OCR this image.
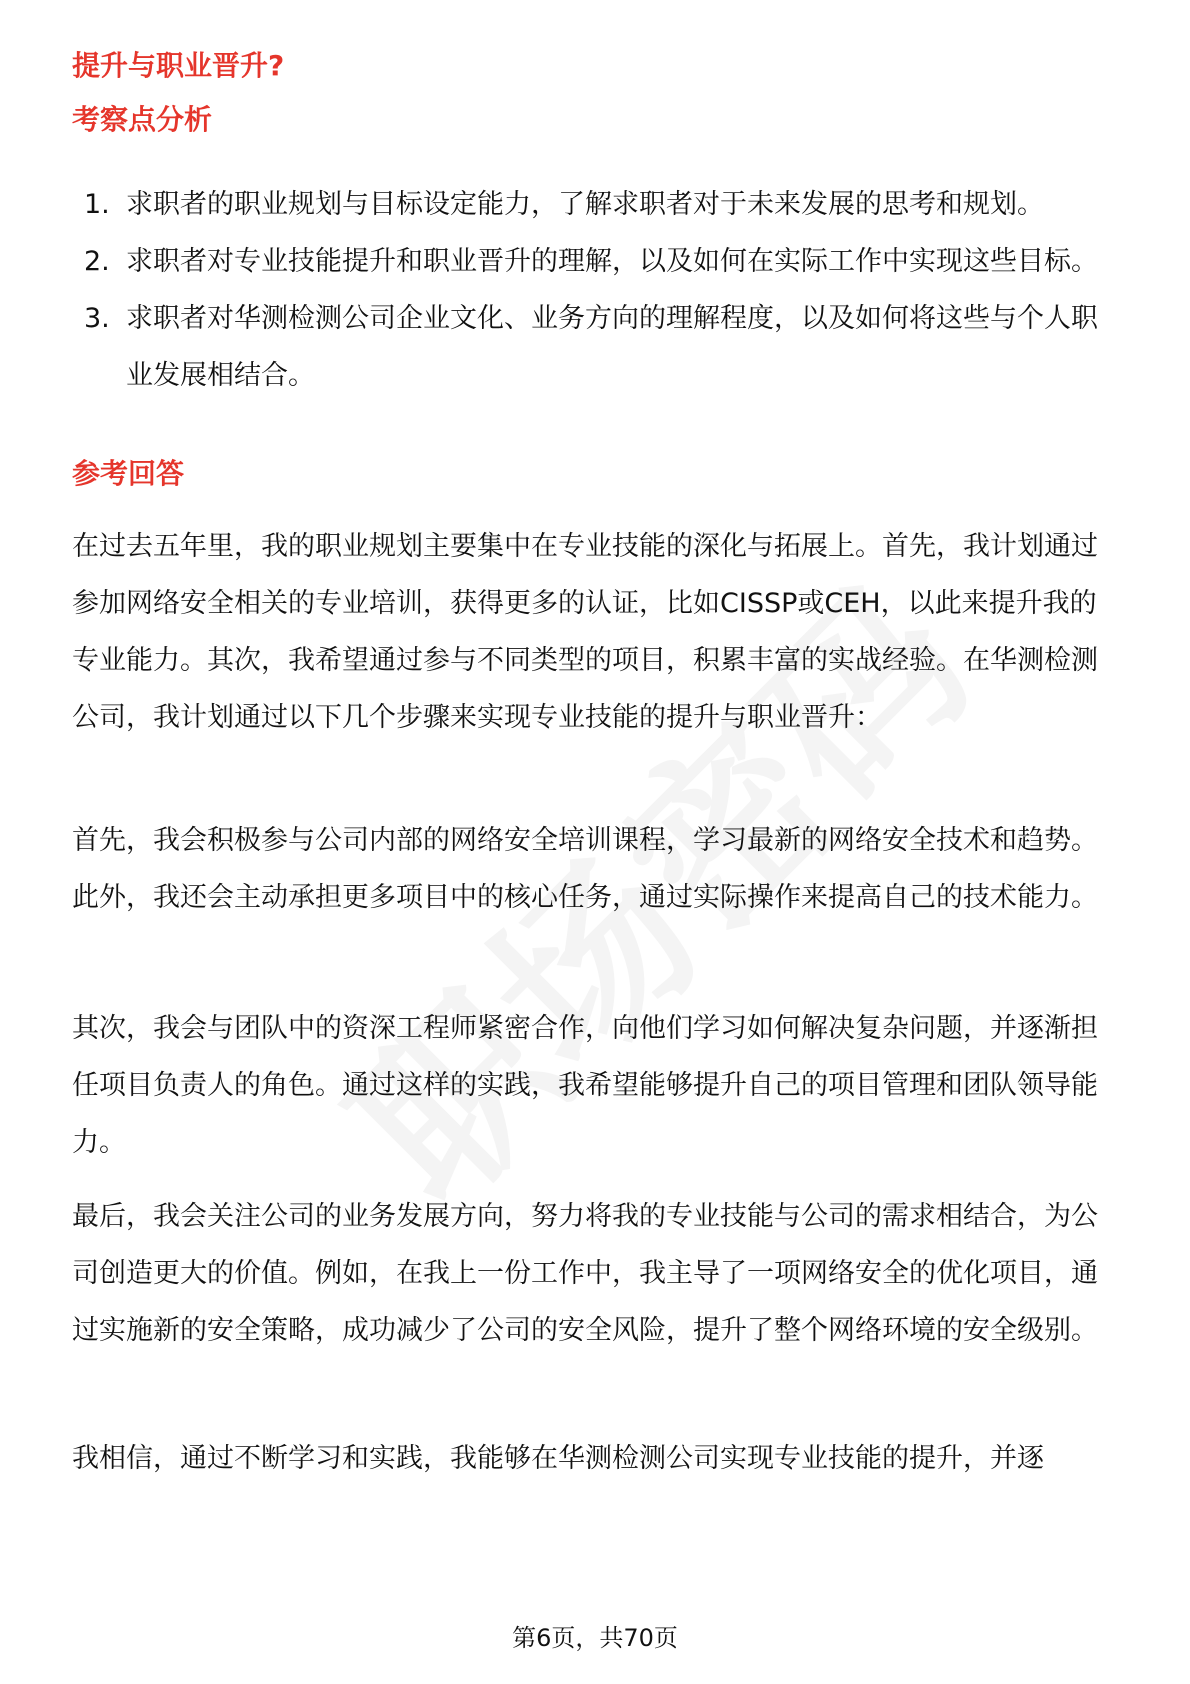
提升与职业晋升?
考察点分析
1. 求职者的职业规划与目标设定能力，了解求职者对于未来发展的思考和规划。
2. 求职者对专业技能提升和职业晋升的理解，以及如何在实际工作中实现这些目标。
3. 求职者对华测检测公司企业文化、业务方向的理解程度，以及如何将这些与个人职业发展相结合。
参考回答

在过去五年里，我的职业规划主要集中在专业技能的深化与拓展上。首先，我计划通过参加网络安全相关的专业培训，获得更多的认证，比如CISSP或CEH，以此来提升我的专业能力。其次，我希望通过参与不同类型的项目，积累丰富的实战经验。在华测检测公司，我计划通过以下几个步骤来实现专业技能的提升与职业晋升：

首先，我会积极参与公司内部的网络安全培训课程，学习最新的网络安全技术和趋势。此外，我还会主动承担更多项目中的核心任务，通过实际操作来提高自己的技术能力。

其次，我会与团队中的资深工程师紧密合作，向他们学习如何解决复杂问题，并逐渐担任项目负责人的角色。通过这样的实践，我希望能够提升自己的项目管理和团队领导能力。

最后，我会关注公司的业务发展方向，努力将我的专业技能与公司的需求相结合，为公司创造更大的价值。例如，在我上一份工作中，我主导了一项网络安全的优化项目，通过实施新的安全策略，成功减少了公司的安全风险，提升了整个网络环境的安全级别。

我相信，通过不断学习和实践，我能够在华测检测公司实现专业技能的提升，并逐

第6页，共70页
